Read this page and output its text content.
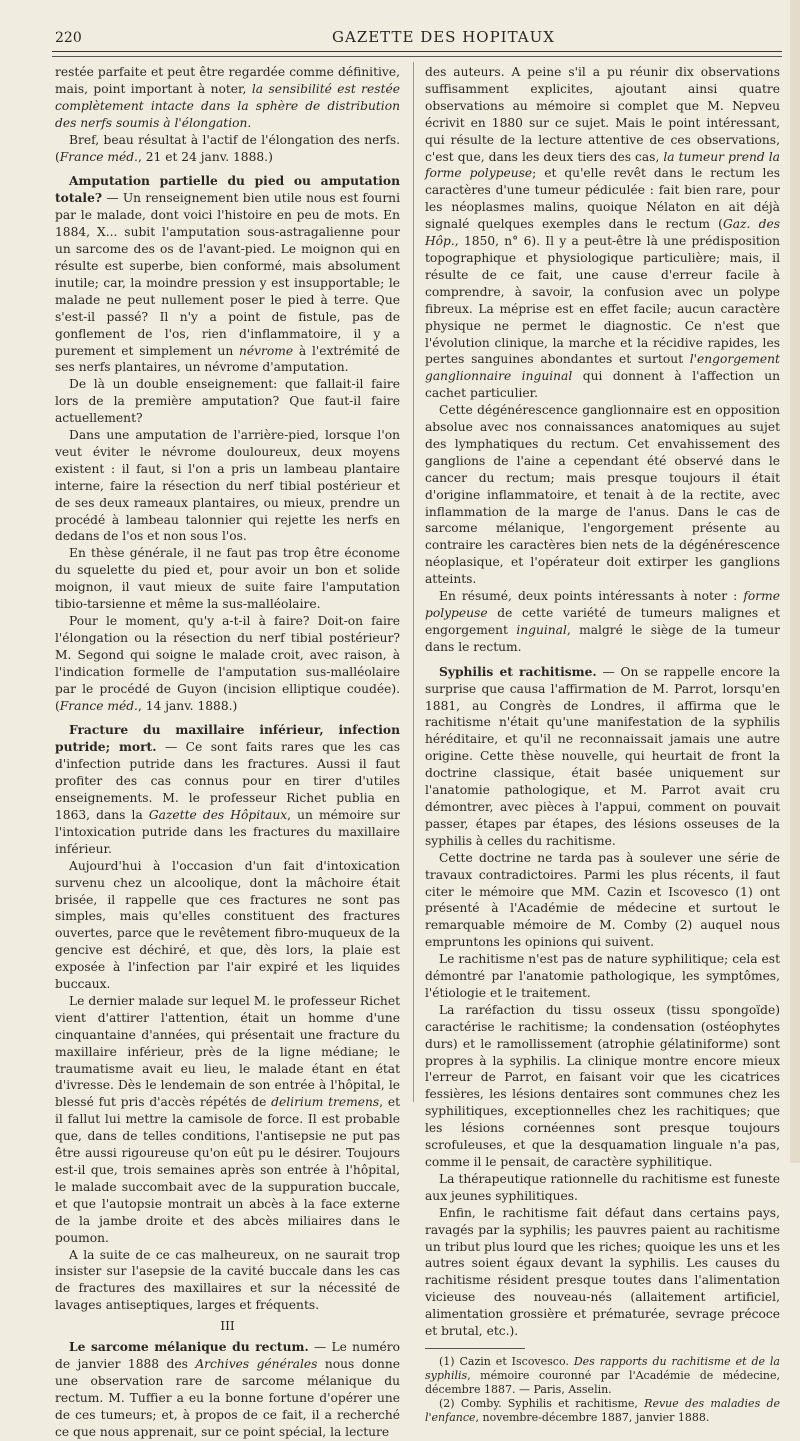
220	GAZETTE DES HOPITAUX

restée parfaite et peut être regardée comme définitive, mais, point important à noter, la sensibilité est restée complètement intacte dans la sphère de distribution des nerfs soumis à l'élongation.

Bref, beau résultat à l'actif de l'élongation des nerfs. (France méd., 21 et 24 janv. 1888.)

Amputation partielle du pied ou amputation totale? — Un renseignement bien utile nous est fourni par le malade, dont voici l'histoire en peu de mots. En 1884, X... subit l'amputation sous-astragalienne pour un sarcome des os de l'avant-pied. Le moignon qui en résulte est superbe, bien conformé, mais absolument inutile; car, la moindre pression y est insupportable; le malade ne peut nullement poser le pied à terre. Que s'est-il passé? Il n'y a point de fistule, pas de gonflement de l'os, rien d'inflammatoire, il y a purement et simplement un névrome à l'extrémité de ses nerfs plantaires, un névrome d'amputation.

De là un double enseignement: que fallait-il faire lors de la première amputation? Que faut-il faire actuellement?

Dans une amputation de l'arrière-pied, lorsque l'on veut éviter le névrome douloureux, deux moyens existent : il faut, si l'on a pris un lambeau plantaire interne, faire la résection du nerf tibial postérieur et de ses deux rameaux plantaires, ou mieux, prendre un procédé à lambeau talonnier qui rejette les nerfs en dedans de l'os et non sous l'os.

En thèse générale, il ne faut pas trop être économe du squelette du pied et, pour avoir un bon et solide moignon, il vaut mieux de suite faire l'amputation tibio-tarsienne et même la sus-malléolaire.

Pour le moment, qu'y a-t-il à faire? Doit-on faire l'élongation ou la résection du nerf tibial postérieur? M. Segond qui soigne le malade croit, avec raison, à l'indication formelle de l'amputation sus-malléolaire par le procédé de Guyon (incision elliptique coudée). (France méd., 14 janv. 1888.)

Fracture du maxillaire inférieur, infection putride; mort. — Ce sont faits rares que les cas d'infection putride dans les fractures. Aussi il faut profiter des cas connus pour en tirer d'utiles enseignements. M. le professeur Richet publia en 1863, dans la Gazette des Hôpitaux, un mémoire sur l'intoxication putride dans les fractures du maxillaire inférieur.

Aujourd'hui à l'occasion d'un fait d'intoxication survenu chez un alcoolique, dont la mâchoire était brisée, il rappelle que ces fractures ne sont pas simples, mais qu'elles constituent des fractures ouvertes, parce que le revêtement fibro-muqueux de la gencive est déchiré, et que, dès lors, la plaie est exposée à l'infection par l'air expiré et les liquides buccaux.

Le dernier malade sur lequel M. le professeur Richet vient d'attirer l'attention, était un homme d'une cinquantaine d'années, qui présentait une fracture du maxillaire inférieur, près de la ligne médiane; le traumatisme avait eu lieu, le malade étant en état d'ivresse. Dès le lendemain de son entrée à l'hôpital, le blessé fut pris d'accès répétés de delirium tremens, et il fallut lui mettre la camisole de force. Il est probable que, dans de telles conditions, l'antisepsie ne put pas être aussi rigoureuse qu'on eût pu le désirer. Toujours est-il que, trois semaines après son entrée à l'hôpital, le malade succombait avec de la suppuration buccale, et que l'autopsie montrait un abcès à la face externe de la jambe droite et des abcès miliaires dans le poumon.

A la suite de ce cas malheureux, on ne saurait trop insister sur l'asepsie de la cavité buccale dans les cas de fractures des maxillaires et sur la nécessité de lavages antiseptiques, larges et fréquents.

III

Le sarcome mélanique du rectum. — Le numéro de janvier 1888 des Archives générales nous donne une observation rare de sarcome mélanique du rectum. M. Tuffier a eu la bonne fortune d'opérer une de ces tumeurs; et, à propos de ce fait, il a recherché ce que nous apprenait, sur ce point spécial, la lecture

des auteurs. A peine s'il a pu réunir dix observations suffisamment explicites, ajoutant ainsi quatre observations au mémoire si complet que M. Nepveu écrivit en 1880 sur ce sujet. Mais le point intéressant, qui résulte de la lecture attentive de ces observations, c'est que, dans les deux tiers des cas, la tumeur prend la forme polypeuse; et qu'elle revêt dans le rectum les caractères d'une tumeur pédiculée : fait bien rare, pour les néoplasmes malins, quoique Nélaton en ait déjà signalé quelques exemples dans le rectum (Gaz. des Hôp., 1850, n° 6). Il y a peut-être là une prédisposition topographique et physiologique particulière; mais, il résulte de ce fait, une cause d'erreur facile à comprendre, à savoir, la confusion avec un polype fibreux. La méprise est en effet facile; aucun caractère physique ne permet le diagnostic. Ce n'est que l'évolution clinique, la marche et la récidive rapides, les pertes sanguines abondantes et surtout l'engorgement ganglionnaire inguinal qui donnent à l'affection un cachet particulier.

Cette dégénérescence ganglionnaire est en opposition absolue avec nos connaissances anatomiques au sujet des lymphatiques du rectum. Cet envahissement des ganglions de l'aine a cependant été observé dans le cancer du rectum; mais presque toujours il était d'origine inflammatoire, et tenait à de la rectite, avec inflammation de la marge de l'anus. Dans le cas de sarcome mélanique, l'engorgement présente au contraire les caractères bien nets de la dégénérescence néoplasique, et l'opérateur doit extirper les ganglions atteints.

En résumé, deux points intéressants à noter : forme polypeuse de cette variété de tumeurs malignes et engorgement inguinal, malgré le siège de la tumeur dans le rectum.

Syphilis et rachitisme. — On se rappelle encore la surprise que causa l'affirmation de M. Parrot, lorsqu'en 1881, au Congrès de Londres, il affirma que le rachitisme n'était qu'une manifestation de la syphilis héréditaire, et qu'il ne reconnaissait jamais une autre origine. Cette thèse nouvelle, qui heurtait de front la doctrine classique, était basée uniquement sur l'anatomie pathologique, et M. Parrot avait cru démontrer, avec pièces à l'appui, comment on pouvait passer, étapes par étapes, des lésions osseuses de la syphilis à celles du rachitisme.

Cette doctrine ne tarda pas à soulever une série de travaux contradictoires. Parmi les plus récents, il faut citer le mémoire que MM. Cazin et Iscovesco (1) ont présenté à l'Académie de médecine et surtout le remarquable mémoire de M. Comby (2) auquel nous empruntons les opinions qui suivent.

Le rachitisme n'est pas de nature syphilitique; cela est démontré par l'anatomie pathologique, les symptômes, l'étiologie et le traitement.

La raréfaction du tissu osseux (tissu spongoïde) caractérise le rachitisme; la condensation (ostéophytes durs) et le ramollissement (atrophie gélatiniforme) sont propres à la syphilis. La clinique montre encore mieux l'erreur de Parrot, en faisant voir que les cicatrices fessières, les lésions dentaires sont communes chez les syphilitiques, exceptionnelles chez les rachitiques; que les lésions cornéennes sont presque toujours scrofuleuses, et que la desquamation linguale n'a pas, comme il le pensait, de caractère syphilitique.

La thérapeutique rationnelle du rachitisme est funeste aux jeunes syphilitiques.

Enfin, le rachitisme fait défaut dans certains pays, ravagés par la syphilis; les pauvres paient au rachitisme un tribut plus lourd que les riches; quoique les uns et les autres soient égaux devant la syphilis. Les causes du rachitisme résident presque toutes dans l'alimentation vicieuse des nouveau-nés (allaitement artificiel, alimentation grossière et prématurée, sevrage précoce et brutal, etc.).

(1) Cazin et Iscovesco. Des rapports du rachitisme et de la syphilis, mémoire couronné par l'Académie de médecine, décembre 1887. — Paris, Asselin.

(2) Comby. Syphilis et rachitisme, Revue des maladies de l'enfance, novembre-décembre 1887, janvier 1888.
